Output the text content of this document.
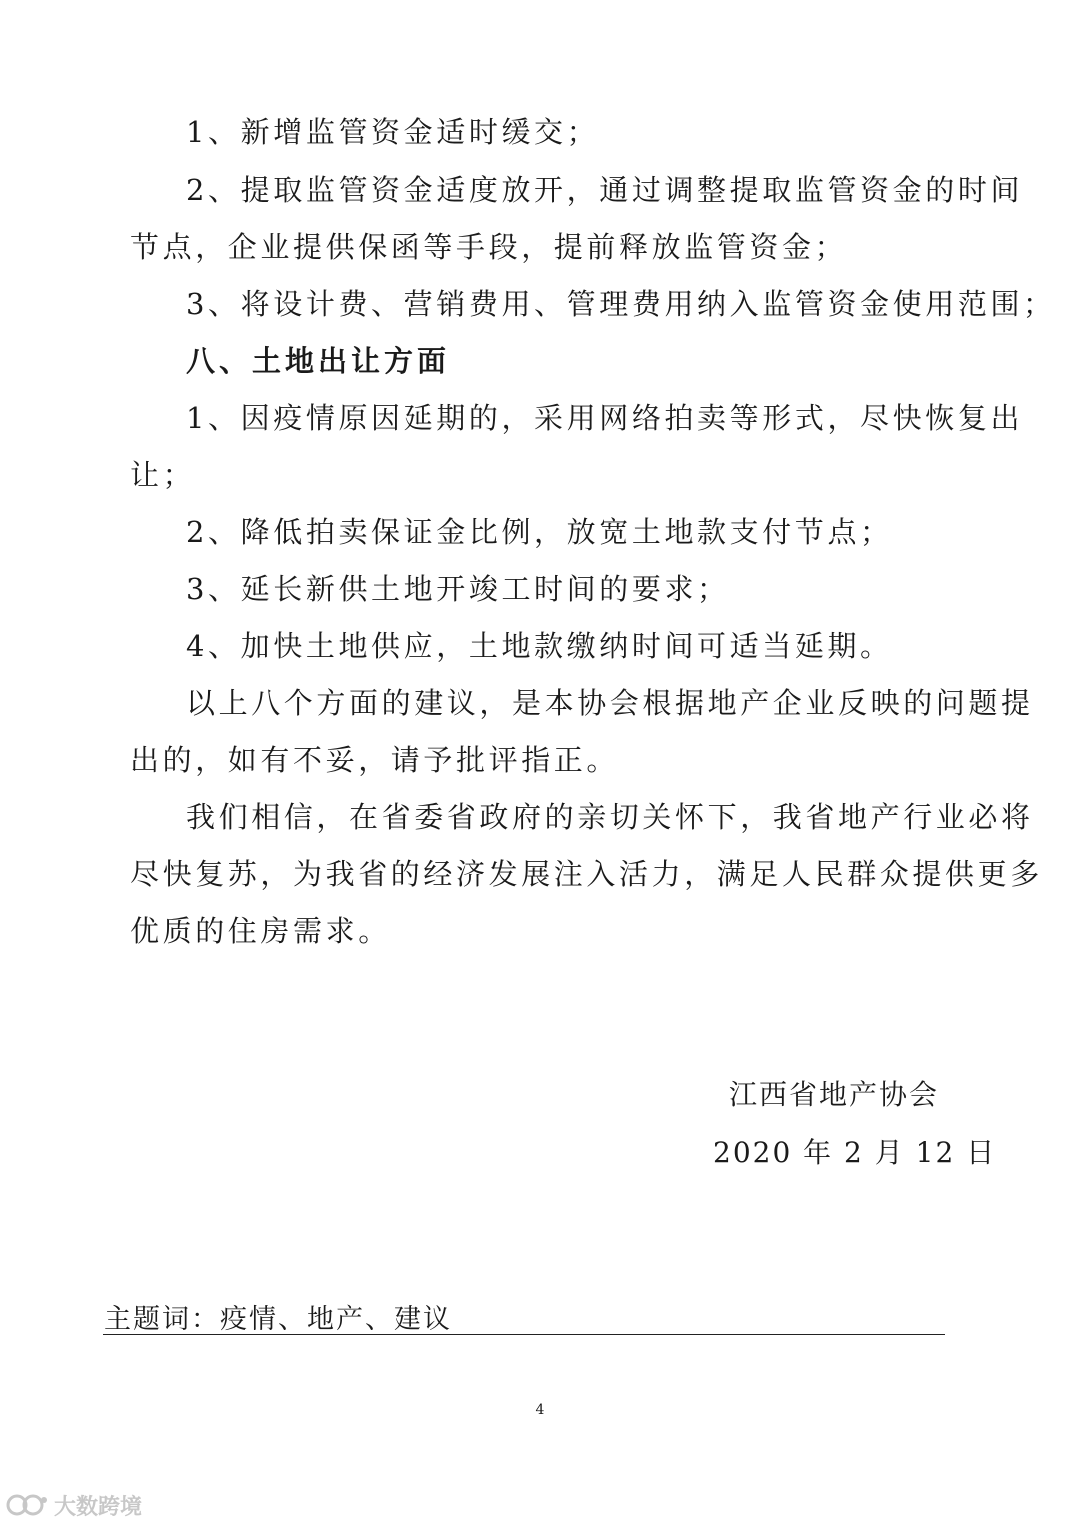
1、新增监管资金适时缓交；
2、提取监管资金适度放开，通过调整提取监管资金的时间
节点，企业提供保函等手段，提前释放监管资金；
3、将设计费、营销费用、管理费用纳入监管资金使用范围；
八、土地出让方面
1、因疫情原因延期的，采用网络拍卖等形式，尽快恢复出
让；
2、降低拍卖保证金比例，放宽土地款支付节点；
3、延长新供土地开竣工时间的要求；
4、加快土地供应，土地款缴纳时间可适当延期。
以上八个方面的建议，是本协会根据地产企业反映的问题提
出的，如有不妥，请予批评指正。
我们相信，在省委省政府的亲切关怀下，我省地产行业必将
尽快复苏，为我省的经济发展注入活力，满足人民群众提供更多
优质的住房需求。
江西省地产协会
2020 年 2 月 12 日
主题词：疫情、地产、建议
4
大数跨境
